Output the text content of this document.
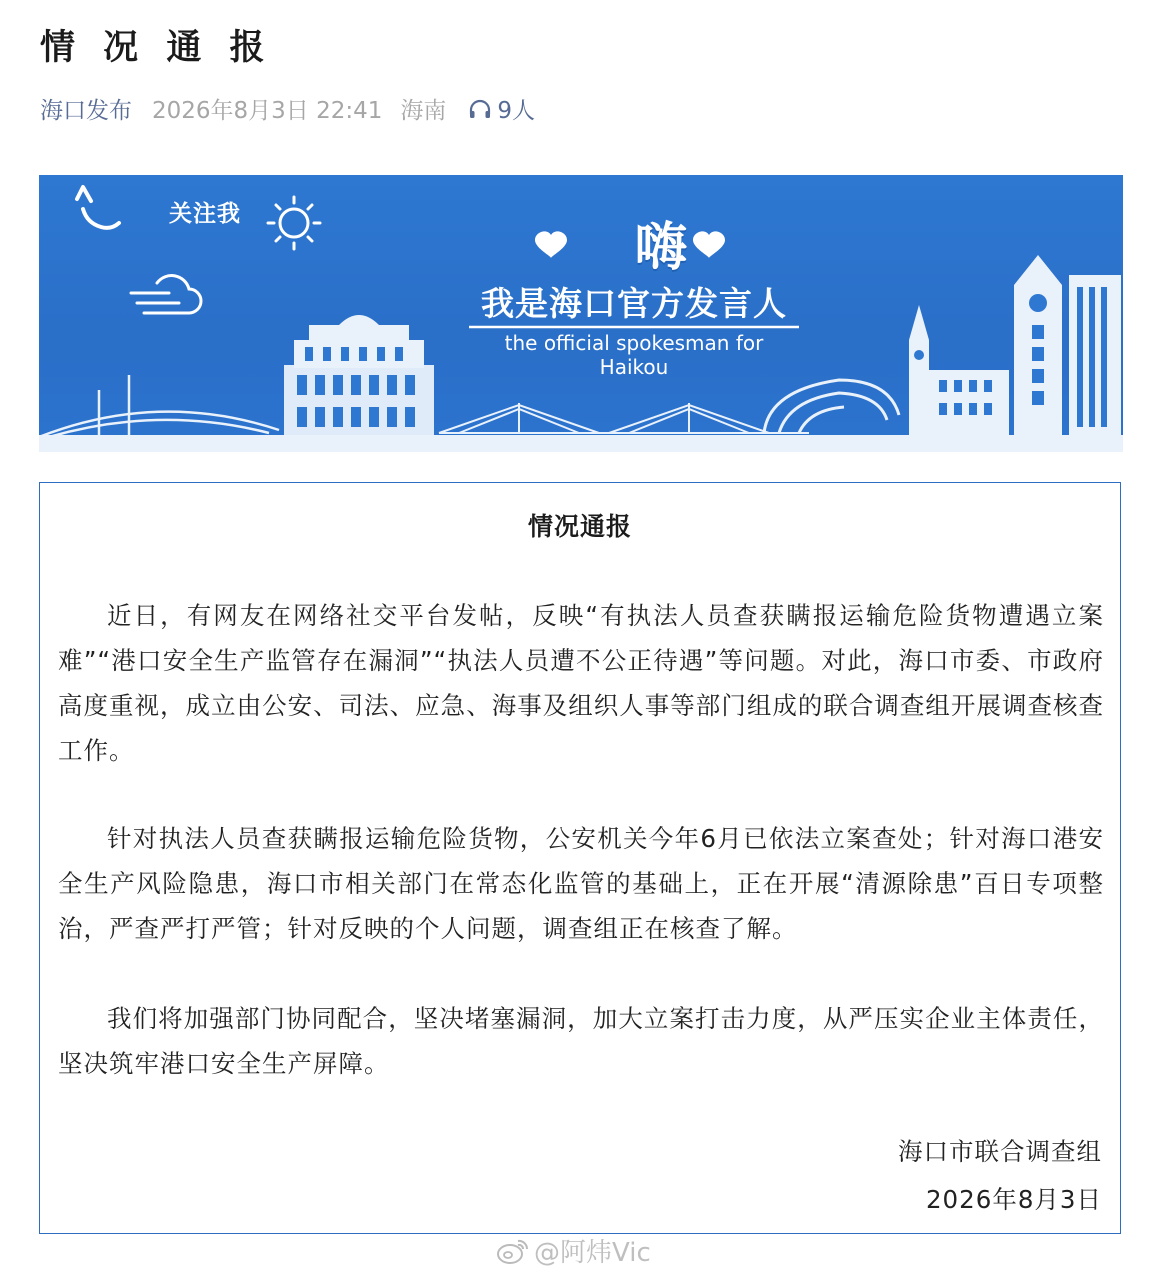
情 况 通 报
海口发布 2026年8月3日 22:41 海南 9人
关注我
嗨
我是海口官方发言人
the official spokesman for Haikou
情况通报

近日，有网友在网络社交平台发帖，反映“有执法人员查获瞒报运输危险货物遭遇立案难”“港口安全生产监管存在漏洞”“执法人员遭不公正待遇”等问题。对此，海口市委、市政府高度重视，成立由公安、司法、应急、海事及组织人事等部门组成的联合调查组开展调查核查工作。

针对执法人员查获瞒报运输危险货物，公安机关今年6月已依法立案查处；针对海口港安全生产风险隐患，海口市相关部门在常态化监管的基础上，正在开展“清源除患”百日专项整治，严查严打严管；针对反映的个人问题，调查组正在核查了解。

我们将加强部门协同配合，坚决堵塞漏洞，加大立案打击力度，从严压实企业主体责任，坚决筑牢港口安全生产屏障。

海口市联合调查组
2026年8月3日
@阿炜Vic
